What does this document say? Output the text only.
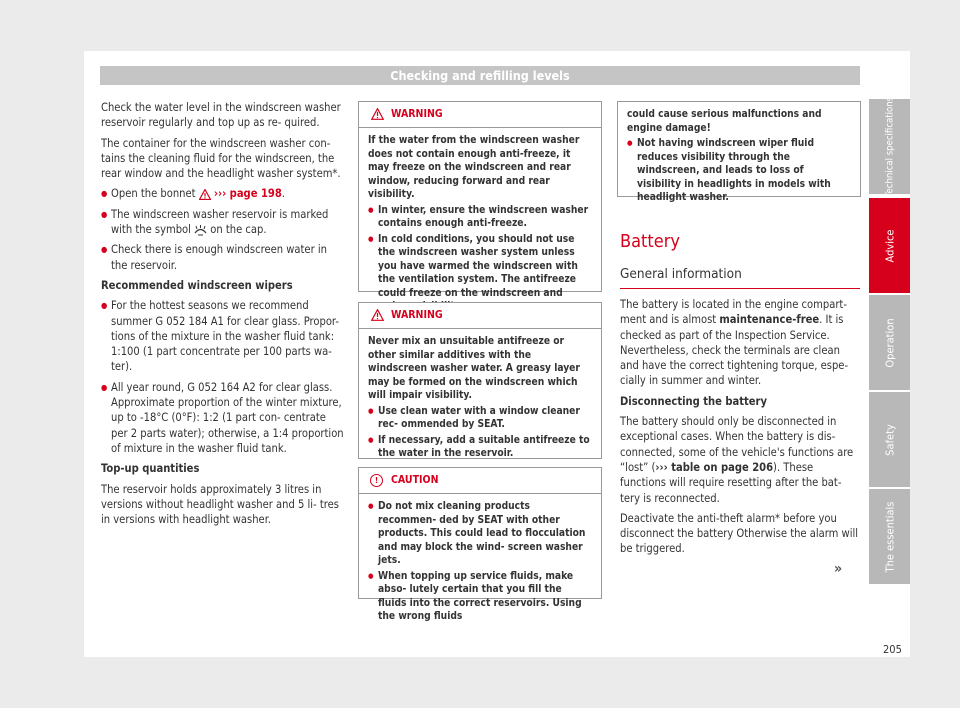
Checking and refilling levels

Check the water level in the windscreen washer reservoir regularly and top up as re- quired.

The container for the windscreen washer con- tains the cleaning fluid for the windscreen, the rear window and the headlight washer system*.

● Open the bonnet ››› page 198.

● The windscreen washer reservoir is marked with the symbol on the cap.

● Check there is enough windscreen water in the reservoir.

Recommended windscreen wipers

● For the hottest seasons we recommend summer G 052 184 A1 for clear glass. Propor- tions of the mixture in the washer fluid tank: 1:100 (1 part concentrate per 100 parts wa- ter).

● All year round, G 052 164 A2 for clear glass. Approximate proportion of the winter mixture, up to -18°C (0°F): 1:2 (1 part con- centrate per 2 parts water); otherwise, a 1:4 proportion of mixture in the washer fluid tank.

Top-up quantities

The reservoir holds approximately 3 litres in versions without headlight washer and 5 li- tres in versions with headlight washer.

WARNING

If the water from the windscreen washer does not contain enough anti-freeze, it may freeze on the windscreen and rear window, reducing forward and rear visibility.

● In winter, ensure the windscreen washer contains enough anti-freeze.

● In cold conditions, you should not use the windscreen washer system unless you have warmed the windscreen with the ventilation system. The antifreeze could freeze on the windscreen and

WARNING

Never mix an unsuitable antifreeze or other similar additives with the windscreen washer water. A greasy layer may be formed on the windscreen which will impair visibility.

● Use clean water with a window cleaner rec- ommended by SEAT.

● If necessary, add a suitable antifreeze to the water in the reservoir.

!	CAUTION

● Do not mix cleaning products recommen- ded by SEAT with other products. This could lead to flocculation and may block the wind- screen washer jets.

● When topping up service fluids, make abso- lutely certain that you fill the fluids into the correct reservoirs. Using the wrong fluids

could cause serious malfunctions and engine damage!

● Not having windscreen wiper fluid reduces visibility through the windscreen, and leads to loss of visibility in headlights in models with headlight washer.

Battery
General information

The battery is located in the engine compart- ment and is almost maintenance-free. It is checked as part of the Inspection Service. Nevertheless, check the terminals are clean and have the correct tightening torque, espe- cially in summer and winter.

Disconnecting the battery

The battery should only be disconnected in exceptional cases. When the battery is dis- connected, some of the vehicle's functions are “lost” (››› table on page 206). These functions will require resetting after the bat- tery is reconnected.

Deactivate the anti-theft alarm* before you disconnect the battery Otherwise the alarm will be triggered.

»
205
Technical specifications
Advice
Operation
Safety
The essentials
